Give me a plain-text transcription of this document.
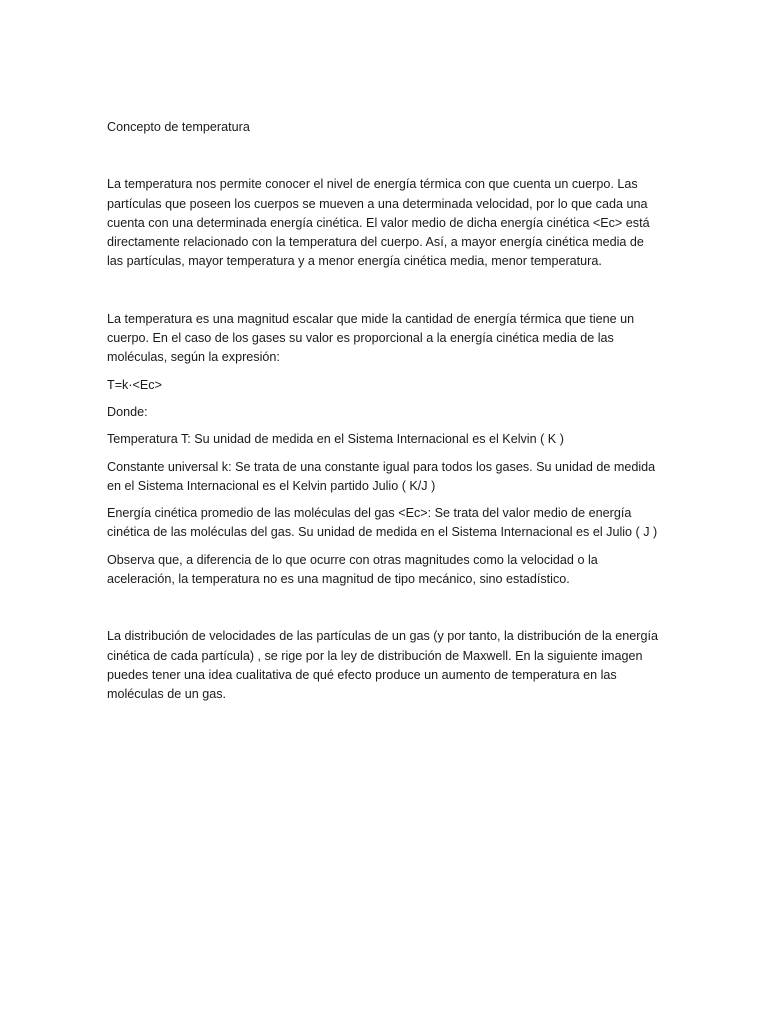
Concepto de temperatura

La temperatura nos permite conocer el nivel de energía térmica con que cuenta un cuerpo. Las partículas que poseen los cuerpos se mueven a una determinada velocidad, por lo que cada una cuenta con una determinada energía cinética. El valor medio de dicha energía cinética <Ec> está directamente relacionado con la temperatura del cuerpo. Así, a mayor energía cinética media de las partículas, mayor temperatura y a menor energía cinética media, menor temperatura.

La temperatura es una magnitud escalar que mide la cantidad de energía térmica que tiene un cuerpo. En el caso de los gases su valor es proporcional a la energía cinética media de las moléculas, según la expresión:

T=k·<Ec>

Donde:

Temperatura T: Su unidad de medida en el Sistema Internacional es el Kelvin ( K )

Constante universal k: Se trata de una constante igual para todos los gases. Su unidad de medida en el Sistema Internacional es el Kelvin partido Julio ( K/J )

Energía cinética promedio de las moléculas del gas <Ec>: Se trata del valor medio de energía cinética de las moléculas del gas. Su unidad de medida en el Sistema Internacional es el Julio ( J )

Observa que, a diferencia de lo que ocurre con otras magnitudes como la velocidad o la aceleración, la temperatura no es una magnitud de tipo mecánico, sino estadístico.

La distribución de velocidades de las partículas de un gas (y por tanto, la distribución de la energía cinética de cada partícula) , se rige por la ley de distribución de Maxwell. En la siguiente imagen puedes tener una idea cualitativa de qué efecto produce un aumento de temperatura en las moléculas de un gas.
